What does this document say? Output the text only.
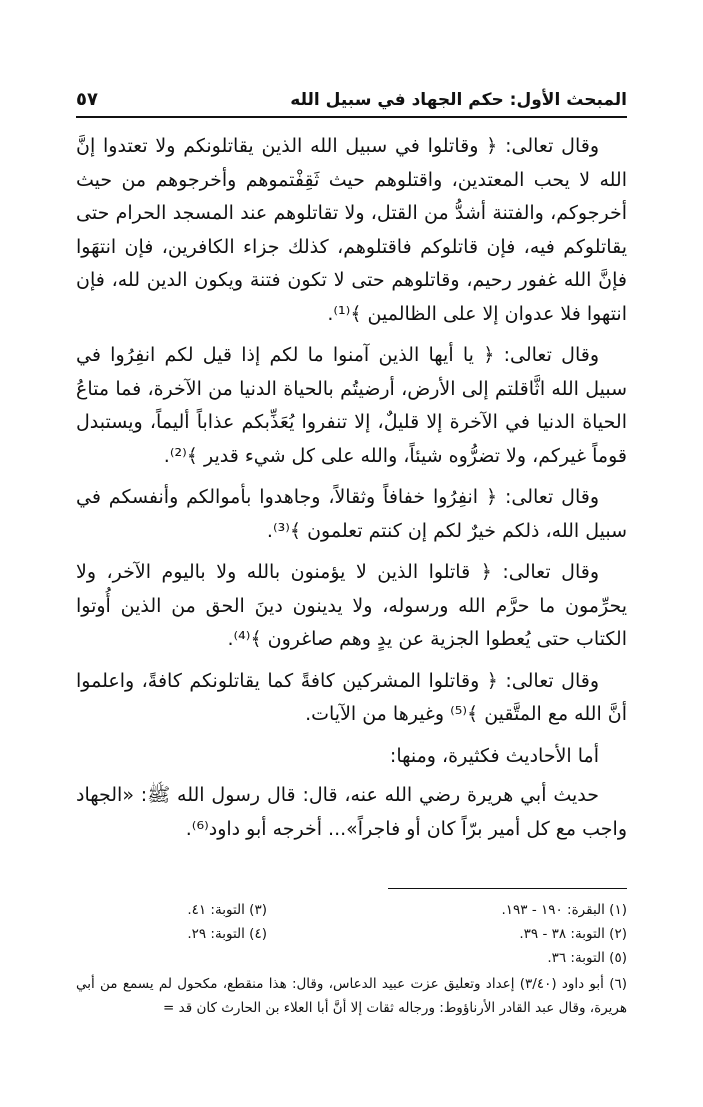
المبحث الأول: حكم الجهاد في سبيل الله
٥٧

وقال تعالى: ﴿ وقاتلوا في سبيل الله الذين يقاتلونكم ولا تعتدوا إنَّ الله لا يحب المعتدين، واقتلوهم حيث ثَقِفْتموهم وأخرجوهم من حيث أخرجوكم، والفتنة أشدُّ من القتل، ولا تقاتلوهم عند المسجد الحرام حتى يقاتلوكم فيه، فإن قاتلوكم فاقتلوهم، كذلك جزاء الكافرين، فإن انتهَوا فإنَّ الله غفور رحيم، وقاتلوهم حتى لا تكون فتنة ويكون الدين لله، فإن انتهوا فلا عدوان إلا على الظالمين ﴾⁽¹⁾.

وقال تعالى: ﴿ يا أيها الذين آمنوا ما لكم إذا قيل لكم انفِرُوا في سبيل الله اثَّاقلتم إلى الأرض، أرضيتُم بالحياة الدنيا من الآخرة، فما متاعُ الحياة الدنيا في الآخرة إلا قليلٌ، إلا تنفروا يُعَذِّبكم عذاباً أليماً، ويستبدل قوماً غيركم، ولا تضرُّوه شيئاً، والله على كل شيء قدير ﴾⁽²⁾.

وقال تعالى: ﴿ انفِرُوا خفافاً وثقالاً، وجاهدوا بأموالكم وأنفسكم في سبيل الله، ذلكم خيرٌ لكم إن كنتم تعلمون ﴾⁽³⁾.

وقال تعالى: ﴿ قاتلوا الذين لا يؤمنون بالله ولا باليوم الآخر، ولا يحرِّمون ما حرَّم الله ورسوله، ولا يدينون دينَ الحق من الذين أُوتوا الكتاب حتى يُعطوا الجزية عن يدٍ وهم صاغرون ﴾⁽⁴⁾.

وقال تعالى: ﴿ وقاتلوا المشركين كافةً كما يقاتلونكم كافةً، واعلموا أنَّ الله مع المتَّقين ﴾⁽⁵⁾ وغيرها من الآيات.

أما الأحاديث فكثيرة، ومنها:

حديث أبي هريرة رضي الله عنه، قال: قال رسول الله ﷺ: «الجهاد واجب مع كل أمير برّاً كان أو فاجراً»... أخرجه أبو داود⁽⁶⁾.

(١) البقرة: ١٩٠ - ١٩٣.
(٣) التوبة: ٤١.
(٢) التوبة: ٣٨ - ٣٩.
(٤) التوبة: ٢٩.
(٥) التوبة: ٣٦.
(٦) أبو داود (٣/٤٠) إعداد وتعليق عزت عبيد الدعاس، وقال: هذا منقطع، مكحول لم يسمع من أبي هريرة، وقال عبد القادر الأرناؤوط: ورجاله ثقات إلا أنَّ أبا العلاء بن الحارث كان قد =
